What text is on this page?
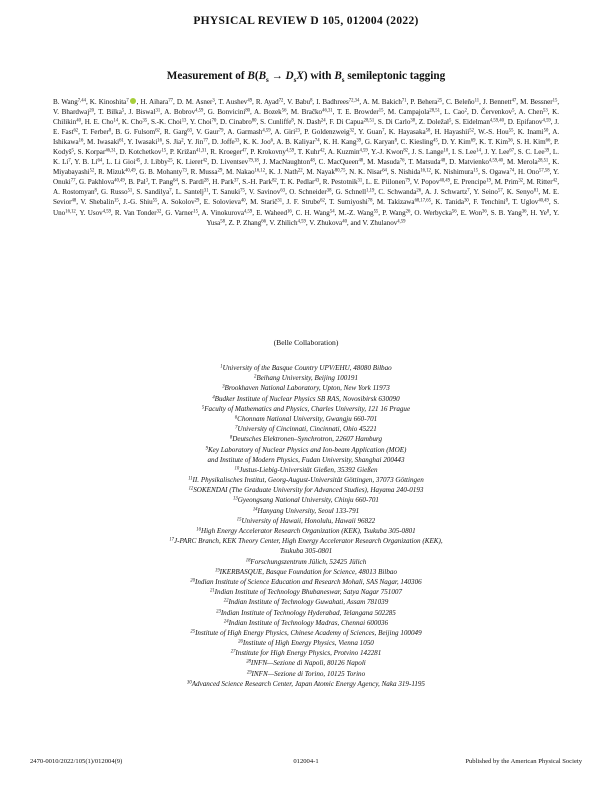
PHYSICAL REVIEW D 105, 012004 (2022)
Measurement of $B(B_s \to D_sX)$ with $B_s$ semileptonic tagging

B. Wang$^{7,44}$, K. Kinoshita$^7$ , H. Aihara$^{77}$, D. M. Asner$^3$, T. Aushev$^{49}$, R. Ayad$^{72}$, V. Babu$^8$, I. Badhrees$^{72,34}$, A. M. Bakich$^{71}$, P. Behera$^{25}$, C. Beleño$^{11}$, J. Bennett$^{47}$, M. Bessner$^{15}$, V. Bhardwaj$^{20}$, T. Bilka$^5$, J. Biswal$^{31}$, A. Bobrov$^{4,59}$, G. Bonvicini$^{80}$, A. Bozek$^{56}$, M. Bračko$^{46,31}$, T. E. Browder$^{15}$, M. Campajola$^{28,51}$, L. Cao$^2$, D. Červenkov$^5$, A. Chen$^{53}$, K. Chilikin$^{40}$, H. E. Cho$^{14}$, K. Cho$^{35}$, S.-K. Choi$^{13}$, Y. Choi$^{70}$, D. Cinabro$^{80}$, S. Cunliffe$^8$, N. Dash$^{24}$, F. Di Capua$^{28,51}$, S. Di Carlo$^{38}$, Z. Doležal$^5$, S. Eidelman$^{4,59,40}$, D. Epifanov$^{4,59}$, J. E. Fast$^{62}$, T. Ferber$^8$, B. G. Fulsom$^{62}$, R. Garg$^{63}$, V. Gaur$^{79}$, A. Garmash$^{4,59}$, A. Giri$^{23}$, P. Goldenzweig$^{32}$, Y. Guan$^7$, K. Hayasaka$^{58}$, H. Hayashii$^{52}$, W.-S. Hou$^{55}$, K. Inami$^{50}$, A. Ishikawa$^{16}$, M. Iwasaki$^{61}$, Y. Iwasaki$^{16}$, S. Jia$^2$, Y. Jin$^{77}$, D. Joffe$^{33}$, K. K. Joo$^6$, A. B. Kaliyar$^{74}$, K. H. Kang$^{39}$, G. Karyan$^8$, C. Kiesling$^{45}$, D. Y. Kim$^{69}$, K. T. Kim$^{36}$, S. H. Kim$^{66}$, P. Kodyš$^5$, S. Korpar$^{46,31}$, D. Kotchetkov$^{15}$, P. Križan$^{41,31}$, R. Kroeger$^{47}$, P. Krokovny$^{4,59}$, T. Kuhr$^{42}$, A. Kuzmin$^{4,59}$, Y.-J. Kwon$^{82}$, J. S. Lange$^{10}$, I. S. Lee$^{14}$, J. Y. Lee$^{67}$, S. C. Lee$^{39}$, L. K. Li$^7$, Y. B. Li$^{64}$, L. Li Gioi$^{45}$, J. Libby$^{25}$, K. Lieret$^{42}$, D. Liventsev$^{79,18}$, J. MacNaughton$^{48}$, C. MacQueen$^{48}$, M. Masuda$^{76}$, T. Matsuda$^{48}$, D. Matvienko$^{4,59,40}$, M. Merola$^{28,51}$, K. Miyabayashi$^{52}$, R. Mizuk$^{40,49}$, G. B. Mohanty$^{73}$, R. Mussa$^{29}$, M. Nakao$^{16,12}$, K. J. Nath$^{22}$, M. Nayak$^{80,75}$, N. K. Nisar$^{64}$, S. Nishida$^{16,12}$, K. Nishimura$^{15}$, S. Ogawa$^{74}$, H. Ono$^{57,58}$, Y. Onuki$^{77}$, G. Pakhlova$^{40,49}$, B. Pal$^3$, T. Pang$^{64}$, S. Pardi$^{28}$, H. Park$^{37}$, S.-H. Park$^{82}$, T. K. Pedlar$^{43}$, R. Pestotnik$^{31}$, L. E. Piilonen$^{79}$, V. Popov$^{40,49}$, E. Prencipe$^{19}$, M. Prim$^{32}$, M. Ritter$^{42}$, A. Rostomyan$^8$, G. Russo$^{51}$, S. Sandilya$^7$, L. Santelj$^{31}$, T. Sanuki$^{75}$, V. Savinov$^{63}$, O. Schneider$^{38}$, G. Schnell$^{1,19}$, C. Schwanda$^{26}$, A. J. Schwartz$^7$, Y. Seino$^{57}$, K. Senyo$^{81}$, M. E. Sevior$^{48}$, V. Shebalin$^{15}$, J.-G. Shiu$^{55}$, A. Sokolov$^{29}$, E. Solovieva$^{40}$, M. Starič$^{31}$, J. F. Strube$^{62}$, T. Sumiyoshi$^{78}$, M. Takizawa$^{68,17,65}$, K. Tanida$^{30}$, F. Tenchini$^8$, T. Uglov$^{40,49}$, S. Uno$^{16,12}$, Y. Usov$^{4,59}$, R. Van Tonder$^{32}$, G. Varner$^{15}$, A. Vinokurova$^{4,59}$, E. Waheed$^{16}$, C. H. Wang$^{54}$, M.-Z. Wang$^{55}$, P. Wang$^{26}$, O. Werbycka$^{56}$, E. Won$^{36}$, S. B. Yang$^{36}$, H. Ye$^8$, Y. Yusa$^{58}$, Z. P. Zhang$^{66}$, V. Zhilich$^{4,59}$, V. Zhukova$^{40}$, and V. Zhulanov$^{4,59}$

(Belle Collaboration)
$^1$University of the Basque Country UPV/EHU, 48080 Bilbao
$^2$Beihang University, Beijing 100191
$^3$Brookhaven National Laboratory, Upton, New York 11973
$^4$Budker Institute of Nuclear Physics SB RAS, Novosibirsk 630090
$^5$Faculty of Mathematics and Physics, Charles University, 121 16 Prague
$^6$Chonnam National University, Gwangju 660-701
$^7$University of Cincinnati, Cincinnati, Ohio 45221
$^8$Deutsches Elektronen–Synchrotron, 22607 Hamburg
$^9$Key Laboratory of Nuclear Physics and Ion-beam Application (MOE)
and Institute of Modern Physics, Fudan University, Shanghai 200443
$^{10}$Justus-Liebig-Universität Gießen, 35392 Gießen
$^{11}$II. Physikalisches Institut, Georg-August-Universität Göttingen, 37073 Göttingen
$^{12}$SOKENDAI (The Graduate University for Advanced Studies), Hayama 240-0193
$^{13}$Gyeongsang National University, Chinju 660-701
$^{14}$Hanyang University, Seoul 133-791
$^{15}$University of Hawaii, Honolulu, Hawaii 96822
$^{16}$High Energy Accelerator Research Organization (KEK), Tsukuba 305-0801
$^{17}$J-PARC Branch, KEK Theory Center, High Energy Accelerator Research Organization (KEK),
Tsukuba 305-0801
$^{18}$Forschungszentrum Jülich, 52425 Jülich
$^{19}$IKERBASQUE, Basque Foundation for Science, 48013 Bilbao
$^{20}$Indian Institute of Science Education and Research Mohali, SAS Nagar, 140306
$^{21}$Indian Institute of Technology Bhubaneswar, Satya Nagar 751007
$^{22}$Indian Institute of Technology Guwahati, Assam 781039
$^{23}$Indian Institute of Technology Hyderabad, Telangana 502285
$^{24}$Indian Institute of Technology Madras, Chennai 600036
$^{25}$Institute of High Energy Physics, Chinese Academy of Sciences, Beijing 100049
$^{26}$Institute of High Energy Physics, Vienna 1050
$^{27}$Institute for High Energy Physics, Protvino 142281
$^{28}$INFN—Sezione di Napoli, 80126 Napoli
$^{29}$INFN—Sezione di Torino, 10125 Torino
$^{30}$Advanced Science Research Center, Japan Atomic Energy Agency, Naka 319-1195
2470-0010/2022/105(1)/012004(9)	012004-1	Published by the American Physical Society
